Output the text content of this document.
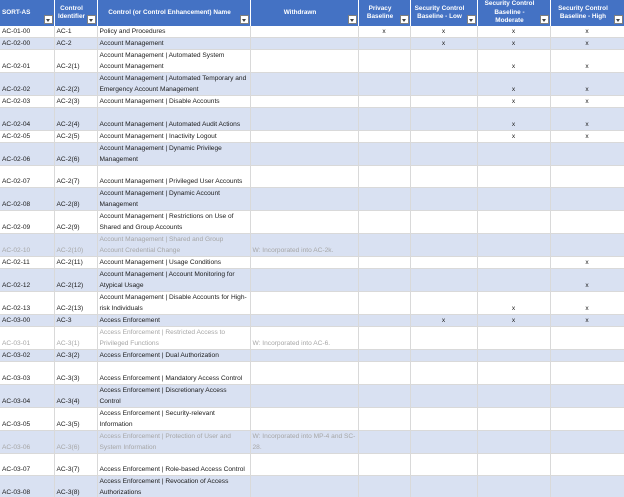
SORT-AS	Control Identifier	Control (or Control Enhancement) Name	Withdrawn	Privacy Baseline	Security Control Baseline - Low	Security Control Baseline - Moderate	Security Control Baseline - High

AC-01-00	AC-1	Policy and Procedures		x	x	x	x
AC-02-00	AC-2	Account Management			x	x	x
AC-02-01	AC-2(1)	Account Management | Automated System Account Management				x	x
AC-02-02	AC-2(2)	Account Management | Automated Temporary and Emergency Account Management				x	x
AC-02-03	AC-2(3)	Account Management | Disable Accounts				x	x
AC-02-04	AC-2(4)	Account Management | Automated Audit Actions				x	x
AC-02-05	AC-2(5)	Account Management | Inactivity Logout				x	x
AC-02-06	AC-2(6)	Account Management | Dynamic Privilege Management					
AC-02-07	AC-2(7)	Account Management | Privileged User Accounts					
AC-02-08	AC-2(8)	Account Management | Dynamic Account Management					
AC-02-09	AC-2(9)	Account Management | Restrictions on Use of Shared and Group Accounts					
AC-02-10	AC-2(10)	Account Management | Shared and Group Account Credential Change	W: Incorporated into AC-2k.				
AC-02-11	AC-2(11)	Account Management | Usage Conditions					x
AC-02-12	AC-2(12)	Account Management | Account Monitoring for Atypical Usage					x
AC-02-13	AC-2(13)	Account Management | Disable Accounts for High-risk Individuals				x	x
AC-03-00	AC-3	Access Enforcement			x	x	x
AC-03-01	AC-3(1)	Access Enforcement | Restricted Access to Privileged Functions	W: Incorporated into AC-6.				
AC-03-02	AC-3(2)	Access Enforcement | Dual Authorization					
AC-03-03	AC-3(3)	Access Enforcement | Mandatory Access Control					
AC-03-04	AC-3(4)	Access Enforcement | Discretionary Access Control					
AC-03-05	AC-3(5)	Access Enforcement | Security-relevant Information					
AC-03-06	AC-3(6)	Access Enforcement | Protection of User and System Information	W: Incorporated into MP-4 and SC-28.				
AC-03-07	AC-3(7)	Access Enforcement | Role-based Access Control					
AC-03-08	AC-3(8)	Access Enforcement | Revocation of Access Authorizations					
